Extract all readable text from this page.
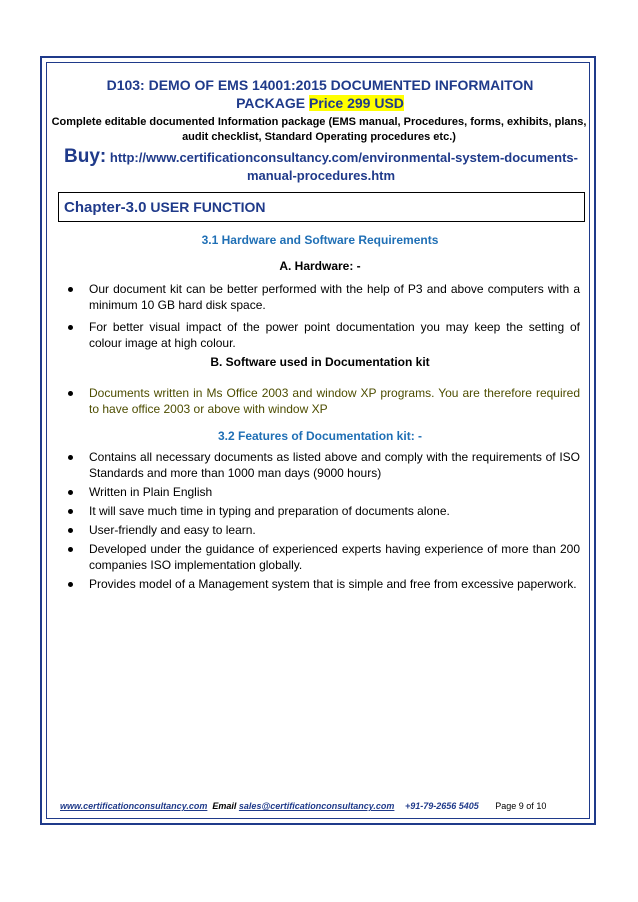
D103: DEMO OF EMS 14001:2015 DOCUMENTED INFORMAITON
PACKAGE Price 299 USD
Complete editable documented Information package (EMS manual, Procedures, forms, exhibits, plans, audit checklist, Standard Operating procedures etc.)
Buy: http://www.certificationconsultancy.com/environmental-system-documents-manual-procedures.htm
Chapter-3.0 USER FUNCTION
3.1 Hardware and Software Requirements
A. Hardware: -
Our document kit can be better performed with the help of P3 and above computers with a minimum 10 GB hard disk space.
For better visual impact of the power point documentation you may keep the setting of colour image at high colour.
B. Software used in Documentation kit
Documents written in Ms Office 2003 and window XP programs. You are therefore required to have office 2003 or above with window XP
3.2 Features of Documentation kit: -
Contains all necessary documents as listed above and comply with the requirements of ISO Standards and more than 1000 man days (9000 hours)
Written in Plain English
It will save much time in typing and preparation of documents alone.
User-friendly and easy to learn.
Developed under the guidance of experienced experts having experience of more than 200 companies ISO implementation globally.
Provides model of a Management system that is simple and free from excessive paperwork.
www.certificationconsultancy.com Email sales@certificationconsultancy.com +91-79-2656 5405 Page 9 of 10
